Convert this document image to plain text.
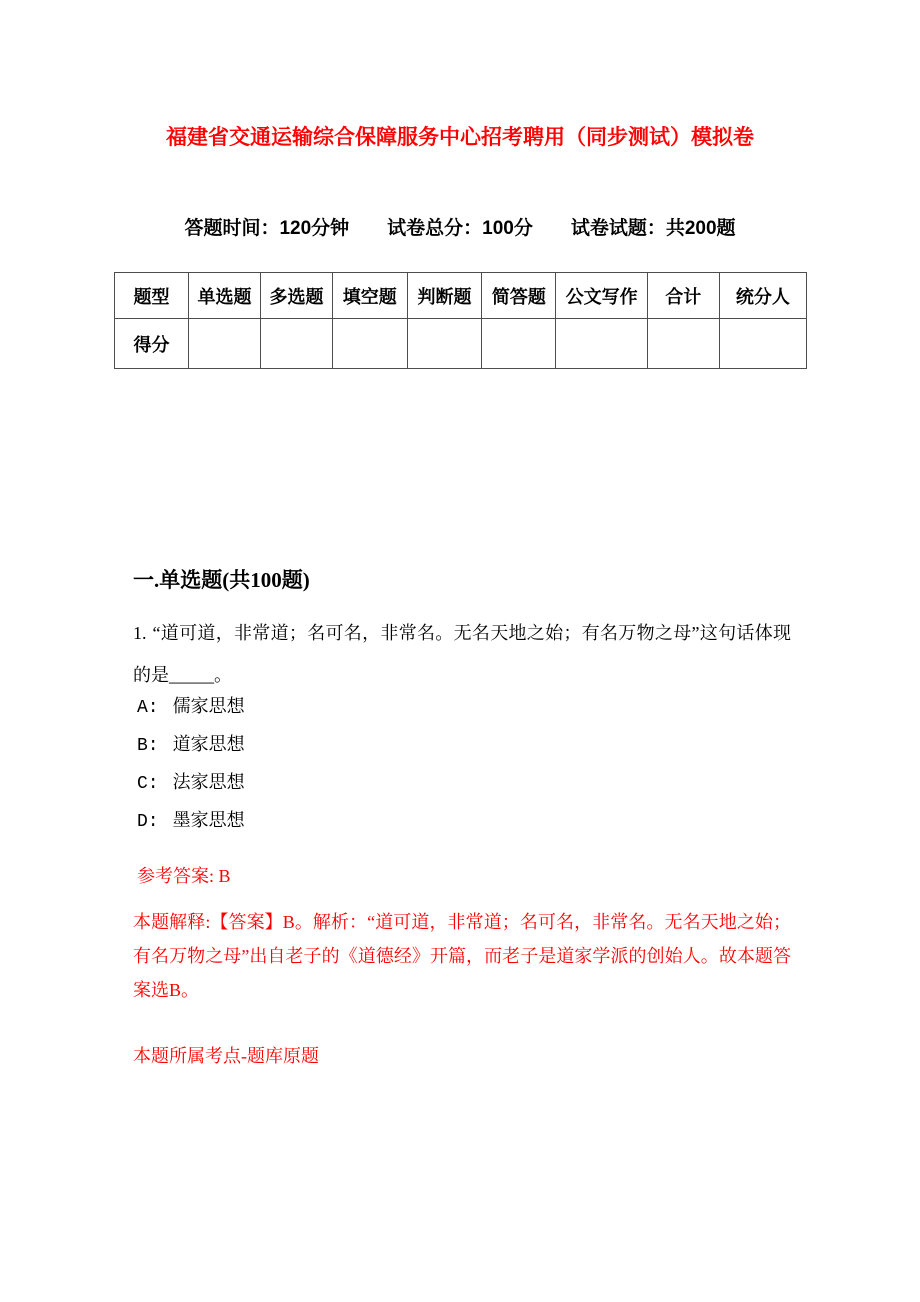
福建省交通运输综合保障服务中心招考聘用（同步测试）模拟卷
答题时间：120分钟 试卷总分：100分 试卷试题：共200题
题型	单选题	多选题	填空题	判断题	简答题	公文写作	合计	统分人
得分								
一.单选题(共100题)

1. “道可道，非常道；名可名，非常名。无名天地之始；有名万物之母”这句话体现的是_____。

A: 儒家思想
B: 道家思想
C: 法家思想
D: 墨家思想

参考答案: B

本题解释:【答案】B。解析：“道可道，非常道；名可名，非常名。无名天地之始；有名万物之母”出自老子的《道德经》开篇，而老子是道家学派的创始人。故本题答案选B。

本题所属考点-题库原题
